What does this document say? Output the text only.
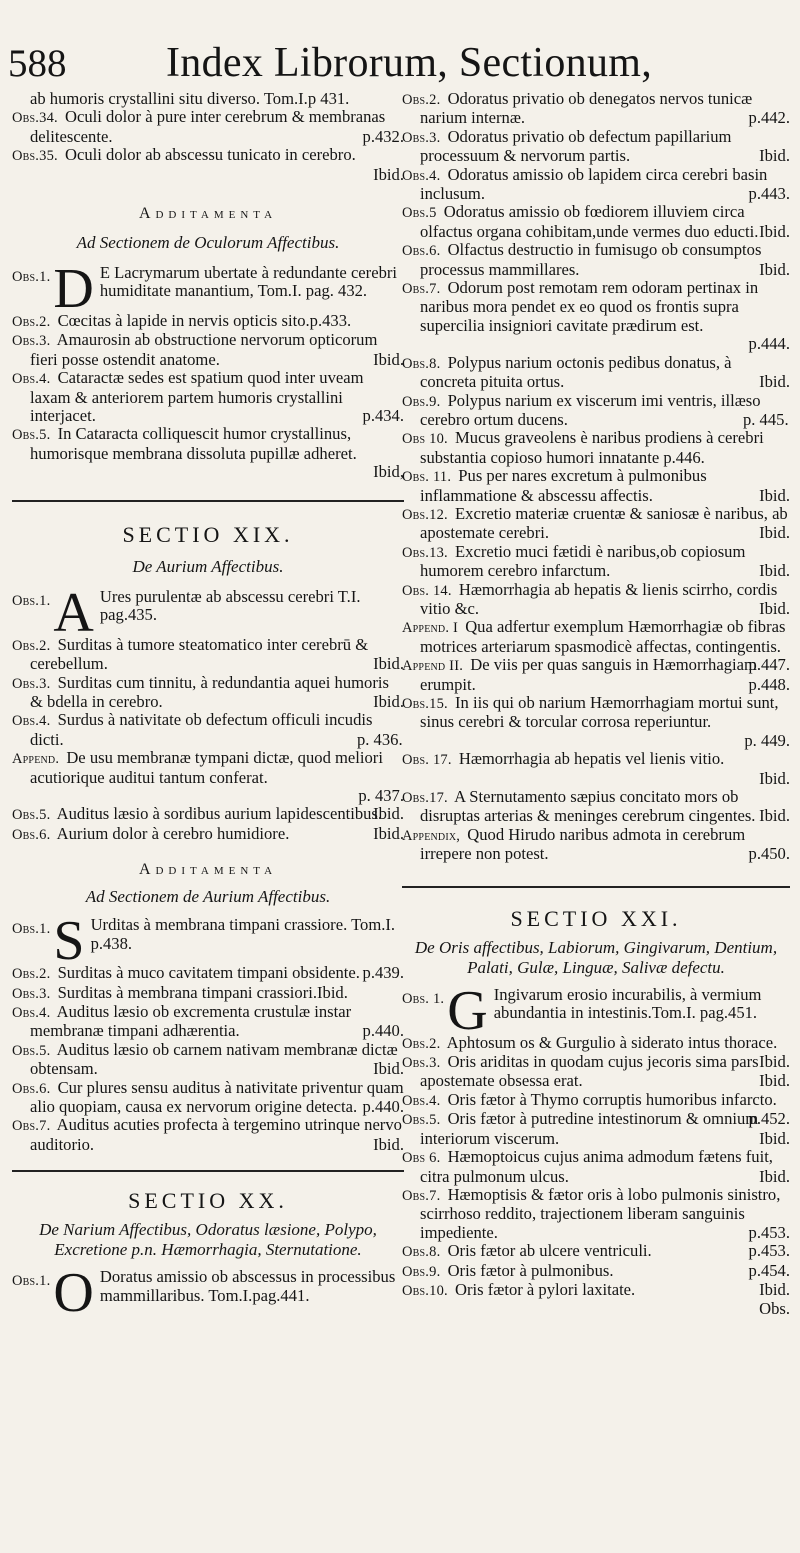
588 Index Librorum, Sectionum,

ab humoris crystallini situ diverso. Tom.I.p 431.

Obs.34. Oculi dolor à pure inter cerebrum & membranas delitescente.	p.432.

Obs.35. Oculi dolor ab abscessu tunicato in cerebro.
Ibid.

Additamenta

Ad Sectionem de Oculorum Affectibus.

Obs.1. D E Lacrymarum ubertate à redundante cerebri humiditate manantium, Tom.I. pag. 432.

Obs.2. Cœcitas à lapide in nervis opticis sito.p.433.

Obs.3. Amaurosin ab obstructione nervorum opticorum fieri posse ostendit anatome.	Ibid.

Obs.4. Cataractæ sedes est spatium quod inter uveam laxam & anteriorem partem humoris crystallini interjacet.	p.434.

Obs.5. In Cataracta colliquescit humor crystallinus, humorisque membrana dissoluta pupillæ adheret.
Ibid,

SECTIO XIX.

De Aurium Affectibus.

Obs.1. A Ures purulentæ ab abscessu cerebri T.I. pag.435.

Obs.2. Surditas à tumore steatomatico inter cerebrū & cerebellum.	Ibid.

Obs.3. Surditas cum tinnitu, à redundantia aquei humoris & bdella in cerebro.	Ibid.

Obs.4. Surdus à nativitate ob defectum officuli incudis dicti.	p. 436.

Append. De usu membranæ tympani dictæ, quod meliori acutiorique auditui tantum conferat.
p. 437.

Obs.5. Auditus læsio à sordibus aurium lapidescentibus.
Ibid.

Obs.6. Aurium dolor à cerebro humidiore.	Ibid.

Additamenta

Ad Sectionem de Aurium Affectibus.

Obs.1. S Urditas à membrana timpani crassiore. Tom.I. p.438.

Obs.2. Surditas à muco cavitatem timpani obsidente. p.439.

Obs.3. Surditas à membrana timpani crassiori.Ibid.

Obs.4. Auditus læsio ob excrementa crustulæ instar membranæ timpani adhærentia.	p.440.

Obs.5. Auditus læsio ob carnem nativam membranæ dictæ obtensam.	Ibid.

Obs.6. Cur plures sensu auditus à nativitate priventur quam alio quopiam, causa ex nervorum origine detecta. p.440.

Obs.7. Auditus acuties profecta à tergemino utrinque nervo auditorio.	Ibid.

SECTIO XX.

De Narium Affectibus, Odoratus læsione, Polypo, Excretione p.n. Hæmorrhagia, Sternutatione.

Obs.1. O Doratus amissio ob abscessus in processibus mammillaribus. Tom.I.pag.441.

Obs.2. Odoratus privatio ob denegatos nervos tunicæ narium internæ.	p.442.

Obs.3. Odoratus privatio ob defectum papillarium processuum & nervorum partis.	Ibid.

Obs.4. Odoratus amissio ob lapidem circa cerebri basin inclusum.	p.443.

Obs.5 Odoratus amissio ob fœdiorem illuviem circa olfactus organa cohibitam,unde vermes duo educti. Ibid.

Obs.6. Olfactus destructio in fumisugo ob consumptos processus mammillares.	Ibid.

Obs.7. Odorum post remotam rem odoram pertinax in naribus mora pendet ex eo quod os frontis supra supercilia insigniori cavitate prædirum est.
p.444.

Obs.8. Polypus narium octonis pedibus donatus, à concreta pituita ortus.	Ibid.

Obs.9. Polypus narium ex viscerum imi ventris, illæso cerebro ortum ducens.	p. 445.

Obs 10. Mucus graveolens è naribus prodiens à cerebri substantia copioso humori innatante p.446.

Obs. 11. Pus per nares excretum à pulmonibus inflammatione & abscessu affectis.	Ibid.

Obs.12. Excretio materiæ cruentæ & saniosæ è naribus, ab apostemate cerebri.	Ibid.

Obs.13. Excretio muci fætidi è naribus,ob copiosum humorem cerebro infarctum.	Ibid.

Obs. 14. Hæmorrhagia ab hepatis & lienis scirrho, cordis vitio &c.	Ibid.

Append. I Qua adfertur exemplum Hæmorrhagiæ ob fibras motrices arteriarum spasmodicè affectas, contingentis.
p.447.

Append II. De viis per quas sanguis in Hæmorrhagiam erumpit.	p.448.

Obs.15. In iis qui ob narium Hæmorrhagiam mortui sunt, sinus cerebri & torcular corrosa reperiuntur.
p. 449.

Obs. 17. Hæmorrhagia ab hepatis vel lienis vitio.
Ibid.

Obs.17. A Sternutamento sæpius concitato mors ob disruptas arterias & meninges cerebrum cingentes. Ibid.

Appendix, Quod Hirudo naribus admota in cerebrum irrepere non potest.	p.450.

SECTIO XXI.

De Oris affectibus, Labiorum, Gingivarum, Dentium, Palati, Gulæ, Linguæ, Salivæ defectu.

Obs. 1. G Ingivarum erosio incurabilis, à vermium abundantia in intestinis.Tom.I. pag.451.

Obs.2. Aphtosum os & Gurgulio à siderato intus thorace.
Ibid.

Obs.3. Oris ariditas in quodam cujus jecoris sima pars apostemate obsessa erat.	Ibid.

Obs.4. Oris fætor à Thymo corruptis humoribus infarcto.
p.452.

Obs.5. Oris fætor à putredine intestinorum & omnium interiorum viscerum.	Ibid.

Obs 6. Hæmoptoicus cujus anima admodum fætens fuit, citra pulmonum ulcus.	Ibid.

Obs.7. Hæmoptisis & fætor oris à lobo pulmonis sinistro, scirrhoso reddito, trajectionem liberam sanguinis impediente.	p.453.

Obs.8. Oris fætor ab ulcere ventriculi.	p.453.

Obs.9. Oris fætor à pulmonibus.	p.454.

Obs.10. Oris fætor à pylori laxitate.	Ibid.

Obs.
